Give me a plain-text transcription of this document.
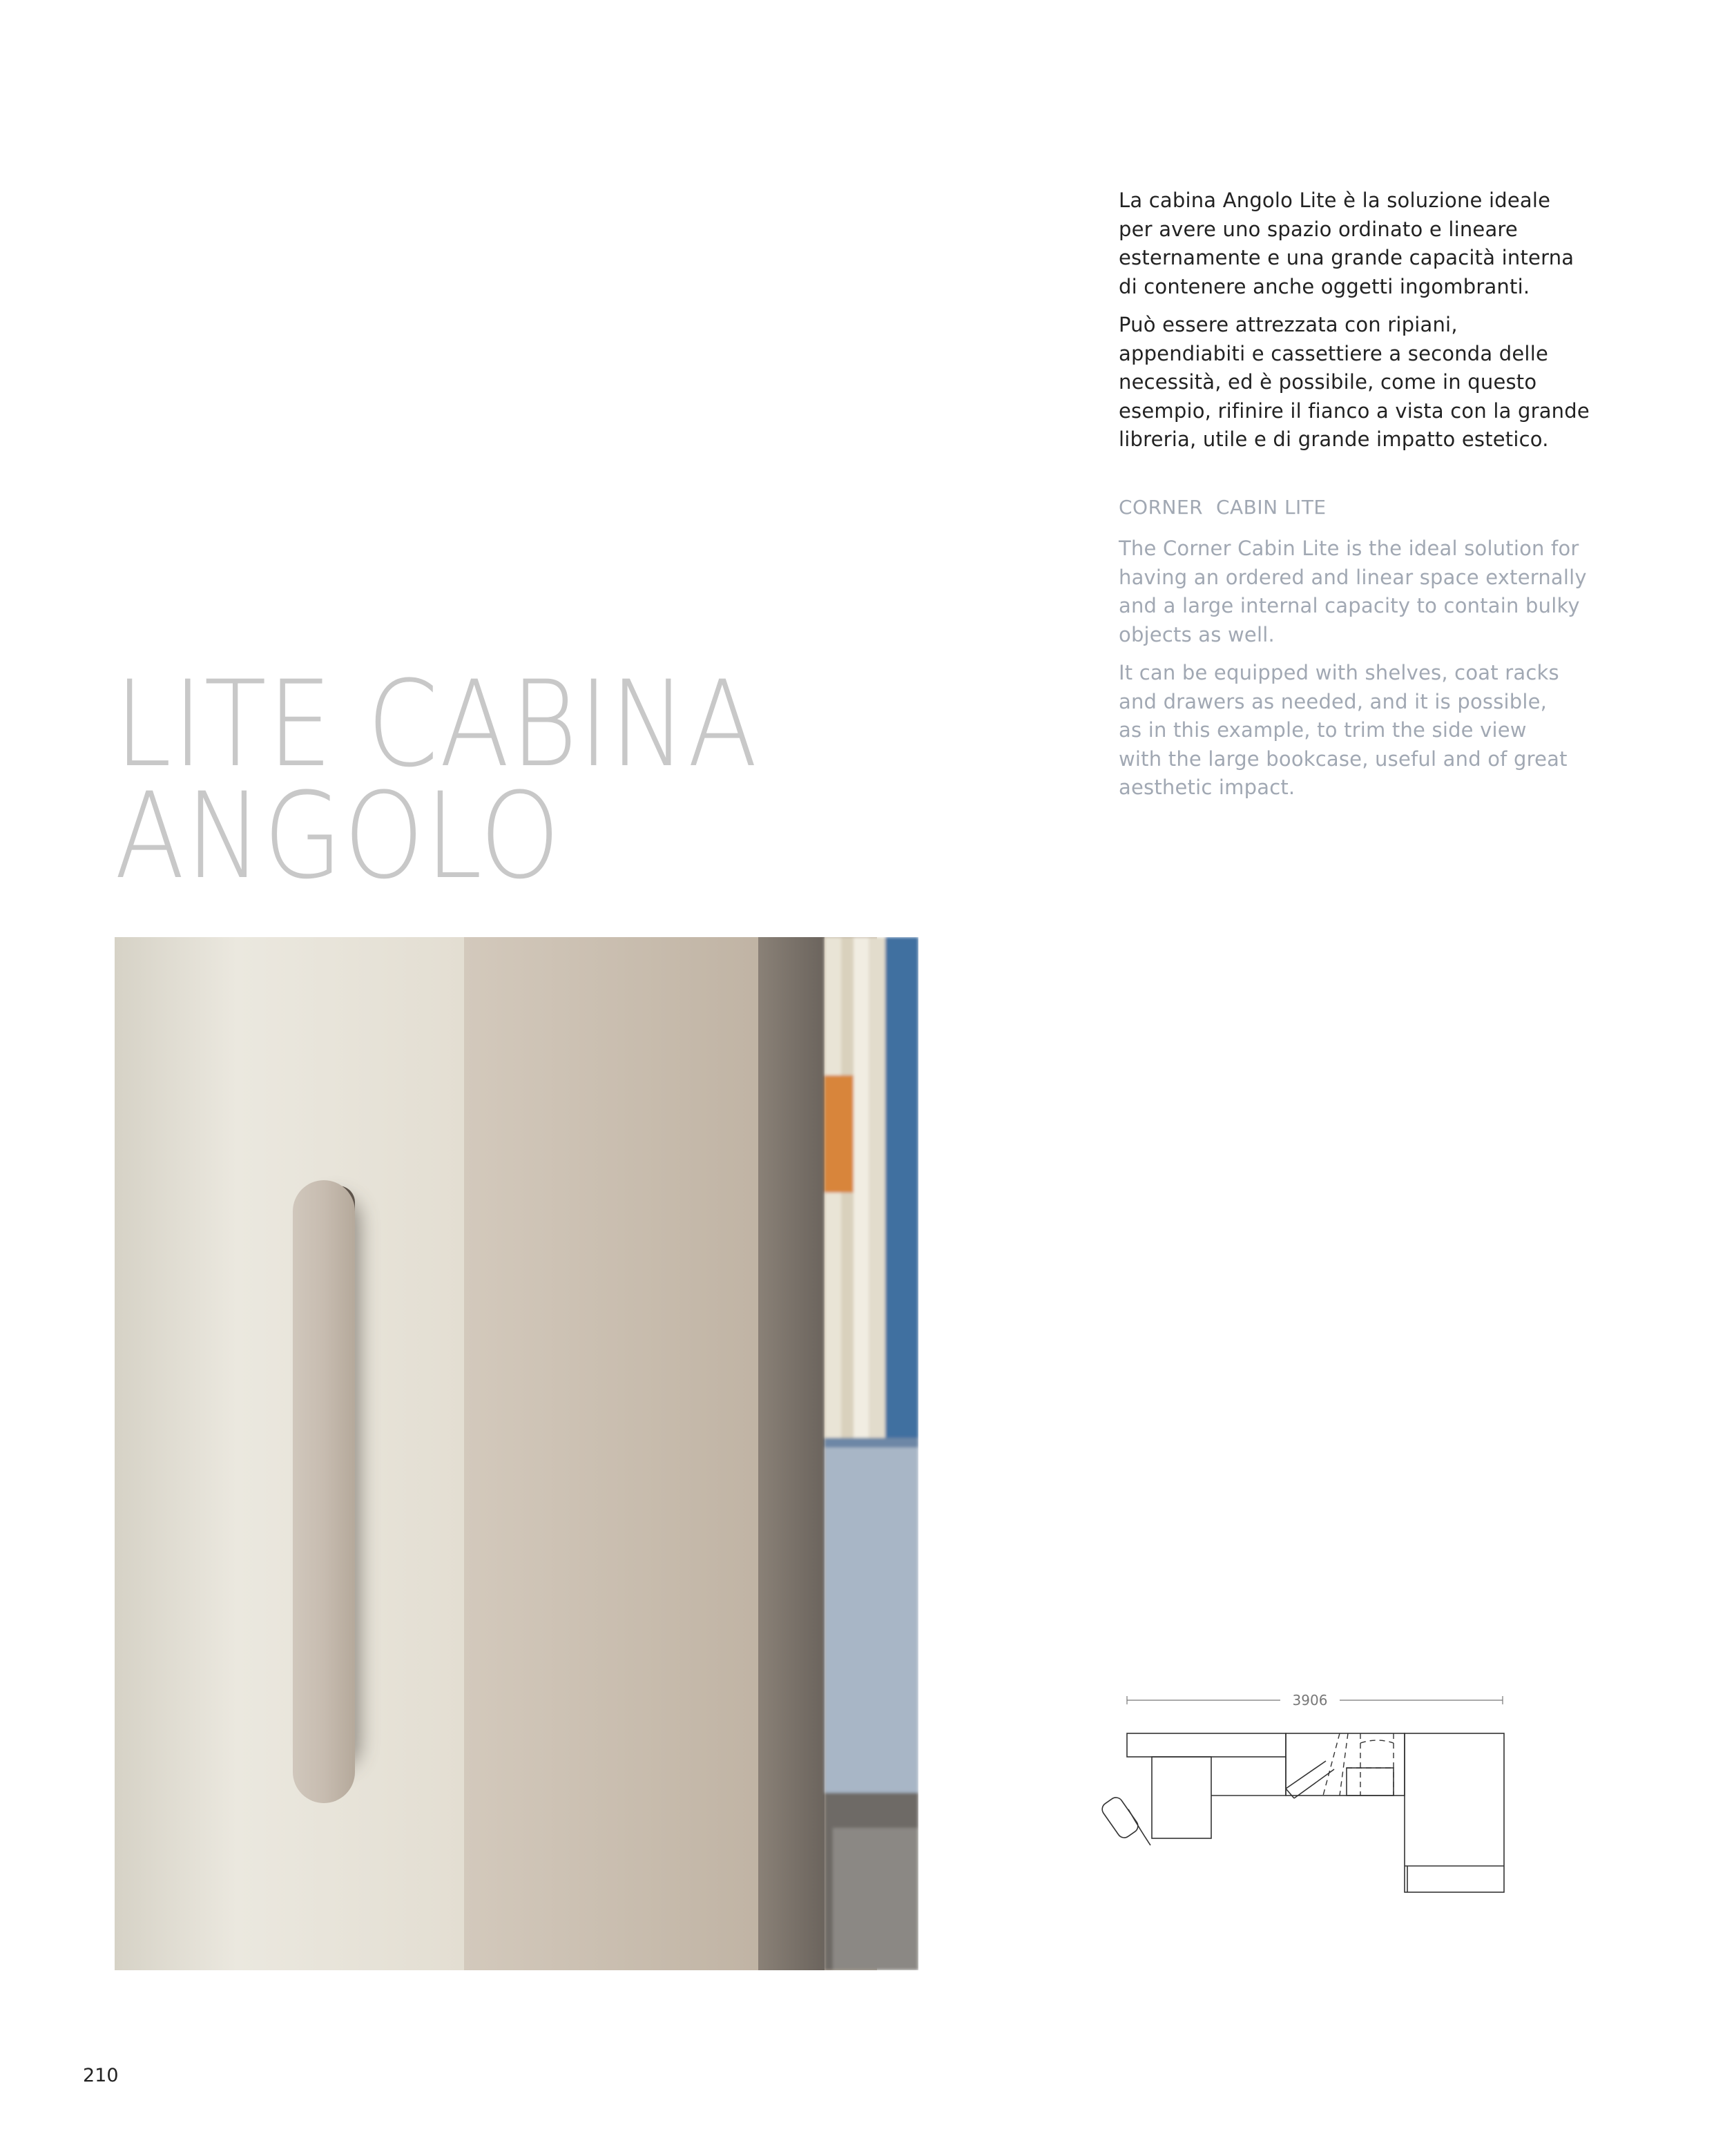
La cabina Angolo Lite è la soluzione ideale
per avere uno spazio ordinato e lineare
esternamente e una grande capacità interna
di contenere anche oggetti ingombranti.

Può essere attrezzata con ripiani,
appendiabiti e cassettiere a seconda delle
necessità, ed è possibile, come in questo
esempio, rifinire il fianco a vista con la grande
libreria, utile e di grande impatto estetico.

CORNER  CABIN LITE

The Corner Cabin Lite is the ideal solution for
having an ordered and linear space externally
and a large internal capacity to contain bulky
objects as well.

It can be equipped with shelves, coat racks
and drawers as needed, and it is possible,
as in this example, to trim the side view
with the large bookcase, useful and of great
aesthetic impact.

LITE CABINA
ANGOLO
3906
210
